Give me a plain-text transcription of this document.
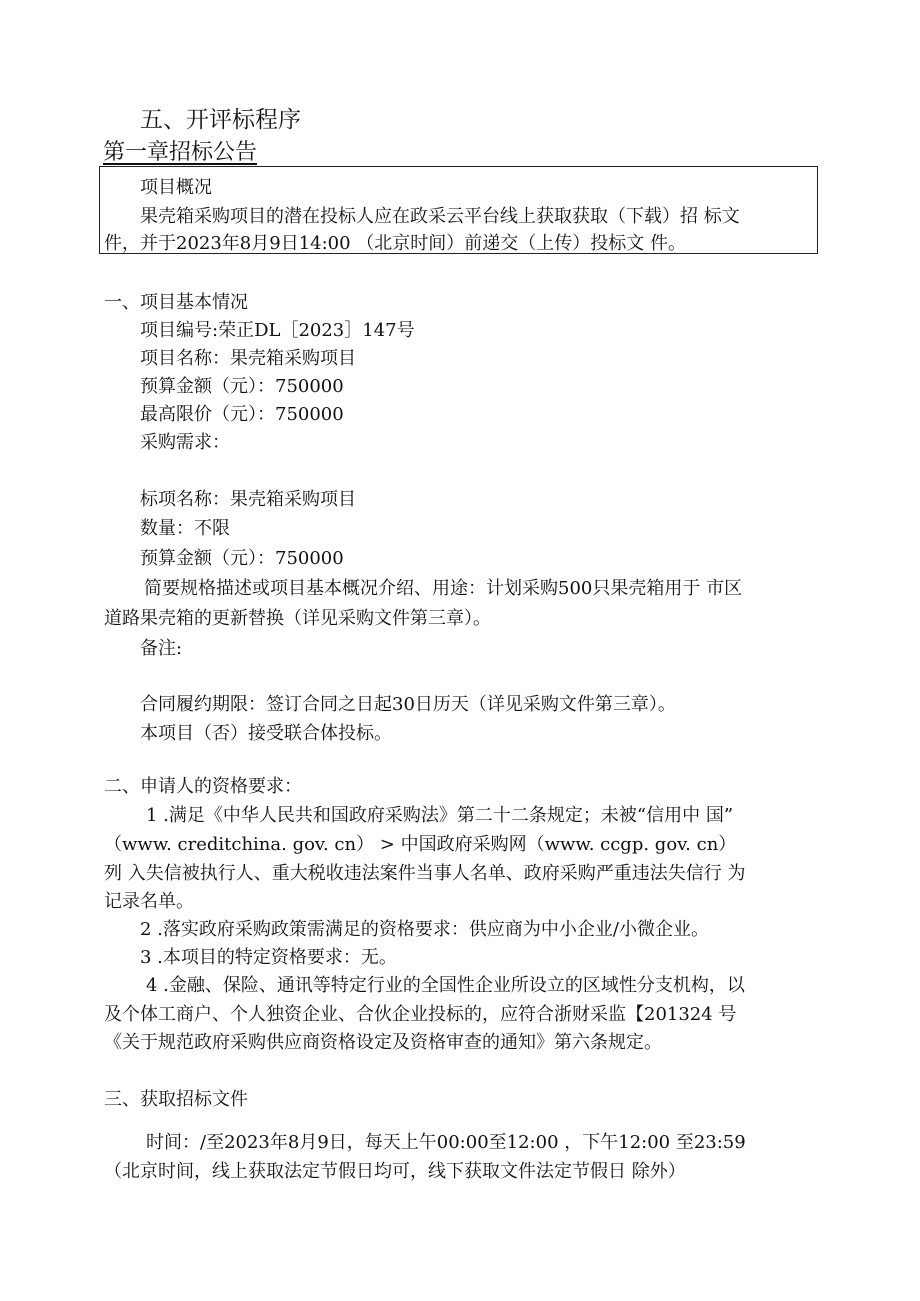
五、开评标程序
第一章招标公告
项目概况
果壳箱采购项目的潜在投标人应在政采云平台线上获取获取（下载）招 标文
件，并于2023年8月9日14:00 （北京时间）前递交（上传）投标文 件。
一、项目基本情况
项目编号:荣正DL［2023］147号
项目名称：果壳箱采购项目
预算金额（元）：750000
最高限价（元）：750000
采购需求：
标项名称：果壳箱采购项目
数量：不限
预算金额（元）：750000
简要规格描述或项目基本概况介绍、用途：计划采购500只果壳箱用于 市区
道路果壳箱的更新替换（详见采购文件第三章）。
备注:
合同履约期限：签订合同之日起30日历天（详见采购文件第三章）。
本项目（否）接受联合体投标。
二、申请人的资格要求：
1 .满足《中华人民共和国政府采购法》第二十二条规定；未被“信用中 国”
（www. creditchina. gov. cn） > 中国政府采购网（www. ccgp. gov. cn）
列 入失信被执行人、重大税收违法案件当事人名单、政府采购严重违法失信行 为
记录名单。
2 .落实政府采购政策需满足的资格要求：供应商为中小企业/小微企业。
3 .本项目的特定资格要求：无。
4 .金融、保险、通讯等特定行业的全国性企业所设立的区域性分支机构，以
及个体工商户、个人独资企业、合伙企业投标的，应符合浙财采监【201324 号
《关于规范政府采购供应商资格设定及资格审查的通知》第六条规定。
三、获取招标文件
时间：/至2023年8月9日，每天上午00:00至12:00 ，下午12:00 至23:59
（北京时间，线上获取法定节假日均可，线下获取文件法定节假日 除外）
